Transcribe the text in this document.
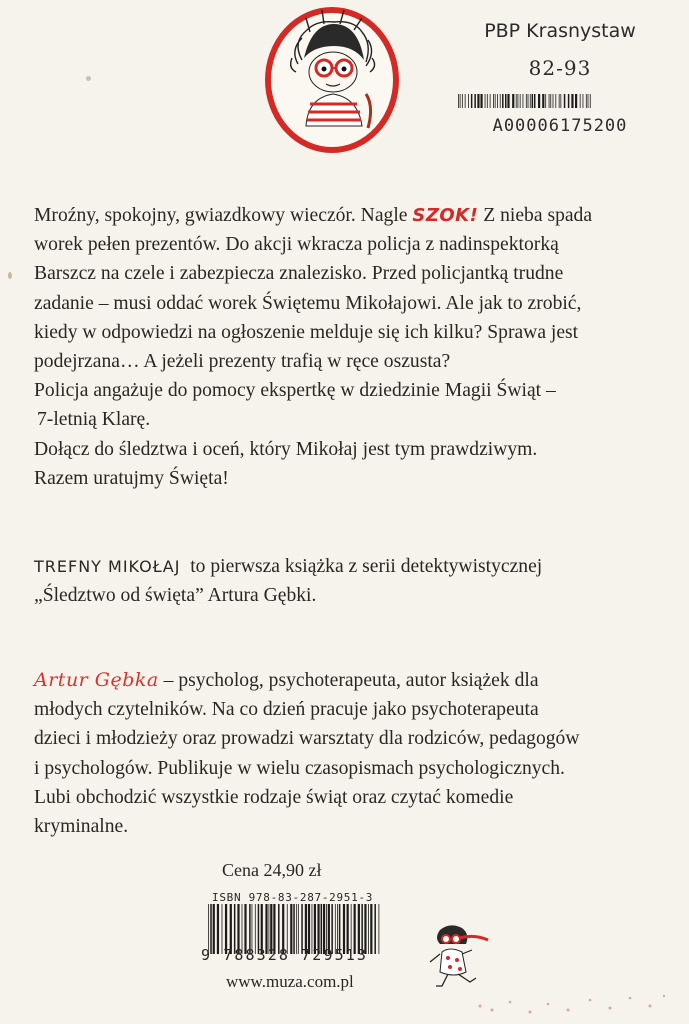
PBP Krasnystaw
82-93
A00006175200
Mroźny, spokojny, gwiazdkowy wieczór. Nagle SZOK! Z nieba spada
worek pełen prezentów. Do akcji wkracza policja z nadinspektorką
Barszcz na czele i zabezpiecza znalezisko. Przed policjantką trudne
zadanie – musi oddać worek Świętemu Mikołajowi. Ale jak to zrobić,
kiedy w odpowiedzi na ogłoszenie melduje się ich kilku? Sprawa jest
podejrzana… A jeżeli prezenty trafią w ręce oszusta?
Policja angażuje do pomocy ekspertkę w dziedzinie Magii Świąt –
7-letnią Klarę.
Dołącz do śledztwa i oceń, który Mikołaj jest tym prawdziwym.
Razem uratujmy Święta!
TREFNY MIKOŁAJ  to pierwsza książka z serii detektywistycznej
„Śledztwo od święta” Artura Gębki.
Artur Gębka – psycholog, psychoterapeuta, autor książek dla
młodych czytelników. Na co dzień pracuje jako psychoterapeuta
dzieci i młodzieży oraz prowadzi warsztaty dla rodziców, pedagogów
i psychologów. Publikuje w wielu czasopismach psychologicznych.
Lubi obchodzić wszystkie rodzaje świąt oraz czytać komedie
kryminalne.
Cena 24,90 zł
ISBN 978-83-287-2951-3
9 788328 729513
www.muza.com.pl
